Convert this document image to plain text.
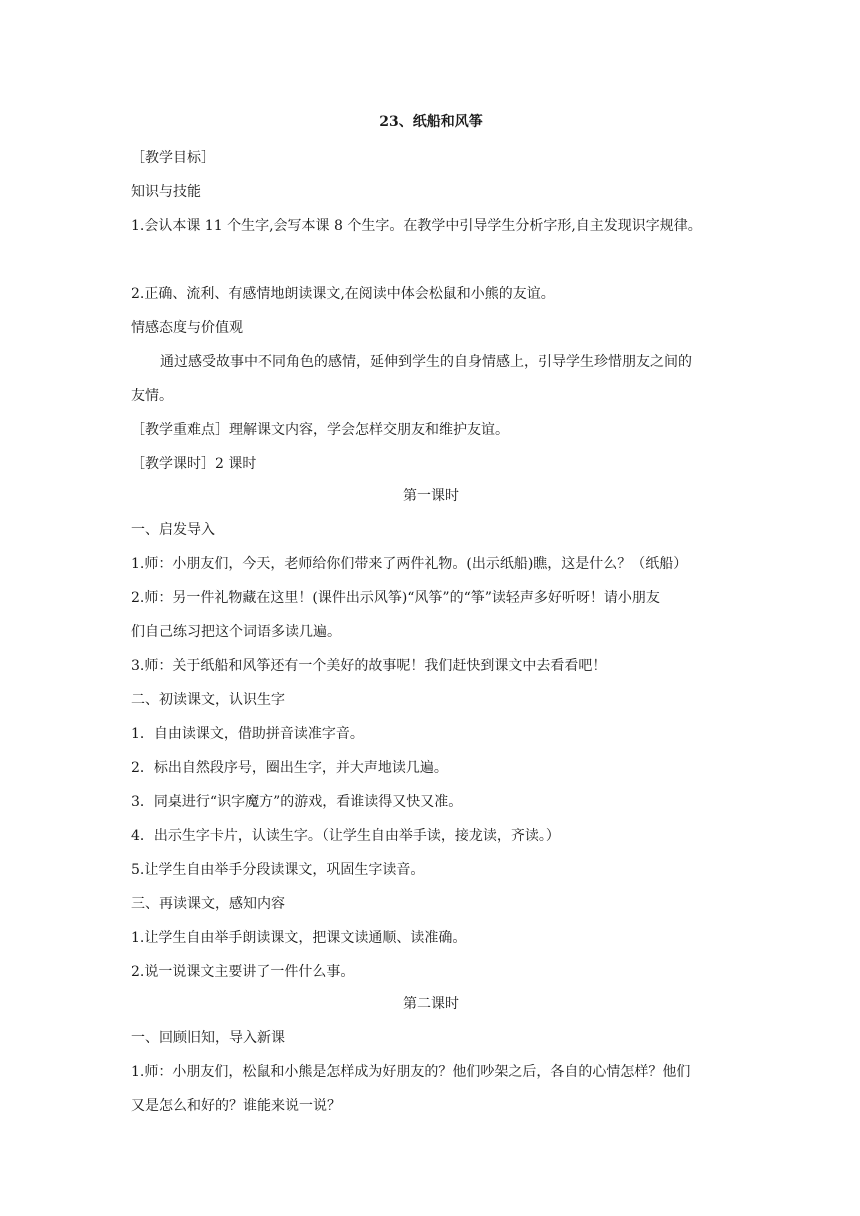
23、纸船和风筝
［教学目标］
知识与技能
1.会认本课 11 个生字,会写本课 8 个生字。在教学中引导学生分析字形,自主发现识字规律。
2.正确、流利、有感情地朗读课文,在阅读中体会松鼠和小熊的友谊。
情感态度与价值观
通过感受故事中不同角色的感情，延伸到学生的自身情感上，引导学生珍惜朋友之间的
友情。
［教学重难点］理解课文内容，学会怎样交朋友和维护友谊。
［教学课时］2 课时
第一课时
一、启发导入
1.师：小朋友们，今天，老师给你们带来了两件礼物。(出示纸船)瞧，这是什么？（纸船）
2.师：另一件礼物藏在这里！(课件出示风筝)“风筝”的“筝”读轻声多好听呀！请小朋友
们自己练习把这个词语多读几遍。
3.师：关于纸船和风筝还有一个美好的故事呢！我们赶快到课文中去看看吧！
二、初读课文，认识生字
1．自由读课文，借助拼音读准字音。
2．标出自然段序号，圈出生字，并大声地读几遍。
3．同桌进行“识字魔方”的游戏，看谁读得又快又准。
4．出示生字卡片，认读生字。（让学生自由举手读，接龙读，齐读。）
5.让学生自由举手分段读课文，巩固生字读音。
三、再读课文，感知内容
1.让学生自由举手朗读课文，把课文读通顺、读准确。
2.说一说课文主要讲了一件什么事。
第二课时
一、回顾旧知，导入新课
1.师：小朋友们，松鼠和小熊是怎样成为好朋友的？他们吵架之后，各自的心情怎样？他们
又是怎么和好的？谁能来说一说？
